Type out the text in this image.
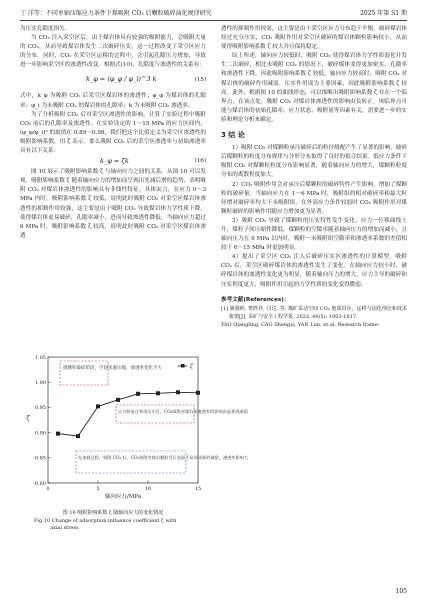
丁 洋等：不同单轴压缩应力条件下煤吸附 CO₂ 后颗粒破碎演化规律研究	2025 年第 S1 期

为压实孔隙度损失。

当 CO₂ 注入采空区后，由于煤岩体具有较强的吸附能力，会吸附大量的 CO₂，从而导致煤岩体发生二次破碎压实，这一过程改变了采空区应力的分布。同时，CO₂ 在采空区运移的过程中，会引起孔隙压力增加，导致进一步影响采空区的渗透性改变。根据式(10)，孔隙度与渗透性的关系有：

k_φ = (φ_φ / φ_i)^3 k	(15)

式中，k_φ 为吸附 CO₂ 后采空区煤岩体的渗透性；φ_φ 为煤岩体的孔隙率；φ_i 为未吸附 CO₂ 的煤岩体的孔隙率；k 为未吸附 CO₂ 渗透率。

为了分析吸附 CO₂ 后对采空区渗透性的影响，计算了实验过程中吸附 CO₂ 前后的孔隙率及渗透性。在实验设定的 1～15 MPa 的应力区间内，(φ_φ/φ_i)³ 的取值在 0.89～0.98，我们把这个比值定义为采空区渗透性的吸附影响系数，用 ζ 表示。那么吸附 CO₂ 后的采空区渗透率与初始渗透率具有以下关系：

k_φ = ζk	(16)

图 10 展示了吸附影响系数 ζ 与轴向应力之间的关系。从图 10 可以发现，吸附影响系数 ζ 随着轴向应力的增加而呈现出先减后增的趋势，表明吸附 CO₂ 对煤岩体渗透性的影响具有非线性特征。具体而言，在应力 0～3 MPa 内时，吸附影响系数 ζ 较低，说明此时吸附 CO₂ 对采空区煤岩体渗透性的抑制作用较强，这主要是由于吸附 CO₂ 导致煤岩体力学性质下降，使得煤岩体更易破碎，孔隙率减小，进而导致渗透性降低。当轴向应力超过 6 MPa 时，吸附影响系数 ζ 较高，说明此时吸附 CO₂ 对采空区煤岩体渗透

0.80
0.85
0.90
0.95
1.00
1.05
0	5	10	15
轴向应力/MPa
ζ
ζ
煤颗粒破碎阶段，空间来源压缩，渗透率变化不大
应力恢复过和再压实区，CO₂吸附对煤岩体渗透率的影响由显著到减弱
在加载过程，吸附 CO₂ 后，CO₂吸附对煤岩颗粒受压表面不易形成新的破裂，渗透率影响大
图 10 吸附影响系数 ζ 随轴向应力的变化情况
Fig.10 Change of adsorption influence coefficient ζ with
axial stress

透性的抑制作用较弱，这主要是由于采空区应力分布趋于平衡，破碎煤岩体经过充分压实，CO₂ 吸附作用对采空区破碎的煤岩体颗粒影响较小，从而使得吸附影响系数 ζ 较大并且保持稳定。

综上所述，轴向应力较低时，吸附 CO₂ 使得煤岩体力学性质弱化并发生二次破碎，相比未吸附 CO₂ 的情况下，破碎煤体变得更加密实，孔隙率和渗透性下降，因此吸附影响系数 ζ 较低。轴向应力较高时，吸附 CO₂ 对煤岩体的破碎作用减弱，压实作用成为主要因素，因此吸附影响系数 ζ 较高。此外，根据图 10 的曲线形态，可以推断出吸附影响系数 ζ 存在一个临界点，在该点处，吸附 CO₂ 对煤岩体渗透性的影响由负转正。该临界点可能与煤岩体的初始孔隙率、应力状态、吸附量等因素有关，需要进一步的实验和理论分析来确定。

3 结 论

1）吸附 CO₂ 对煤颗粒承压破碎后的粒径级配产生了显著的影响，破碎后煤颗粒的粒度分布规律与分形分布取得了良好的拟合结果。低应力条件下吸附 CO₂ 对煤颗粒粒度分布影响显著，随着轴向应力的增大，煤颗粒粒度分布的离散程度加大。

2）CO₂ 吸附作用会对承压后煤颗粒的破碎特性产生影响，增加了煤颗粒的破碎量。当轴向应力在 1～6 MPa 时，吸附组的相对破碎率和最大粒径增对破碎率均大于未吸附组，在外部应力条件较弱时 CO₂ 吸附作用对煤颗粒破碎的影响作用随应力增加更为显著。

3）吸附 CO₂ 导致了煤颗粒的压实特性发生变化，应力一位移曲线上升，煤粒子间压缩性降低。煤颗粒的空隙率随着轴向压力的增加而减小，且轴向压力在 6 MPa 以内时，吸附一未吸附组空隙率和渗透率系数的差值相较于 6～15 MPa 时更加明显。

4）提出了采空区 CO₂ 注入后破碎压实区渗透性的计算模型。吸附 CO₂ 后，采空区破碎煤岩体的渗透性发生了变化。在轴向应力较小时，破碎煤岩体的渗透性变化更为明显，随着轴向压力的增大，应力主导的破碎和压实程度更大，吸附作用引起的力学性质的变化变得微弱。

参考文献(References)：

[1] 姚强岭, 曹胜祥, 闫达, 等. 煤矿采动空间 CO₂ 地质封存、运移与固化理论和技术框架[J]. 采矿与安全工程学报, 2023, 40(5): 1003-1017.
YAO Qiangling, CAO Shengxi, YAN Lun, et al. Research frame-

105
